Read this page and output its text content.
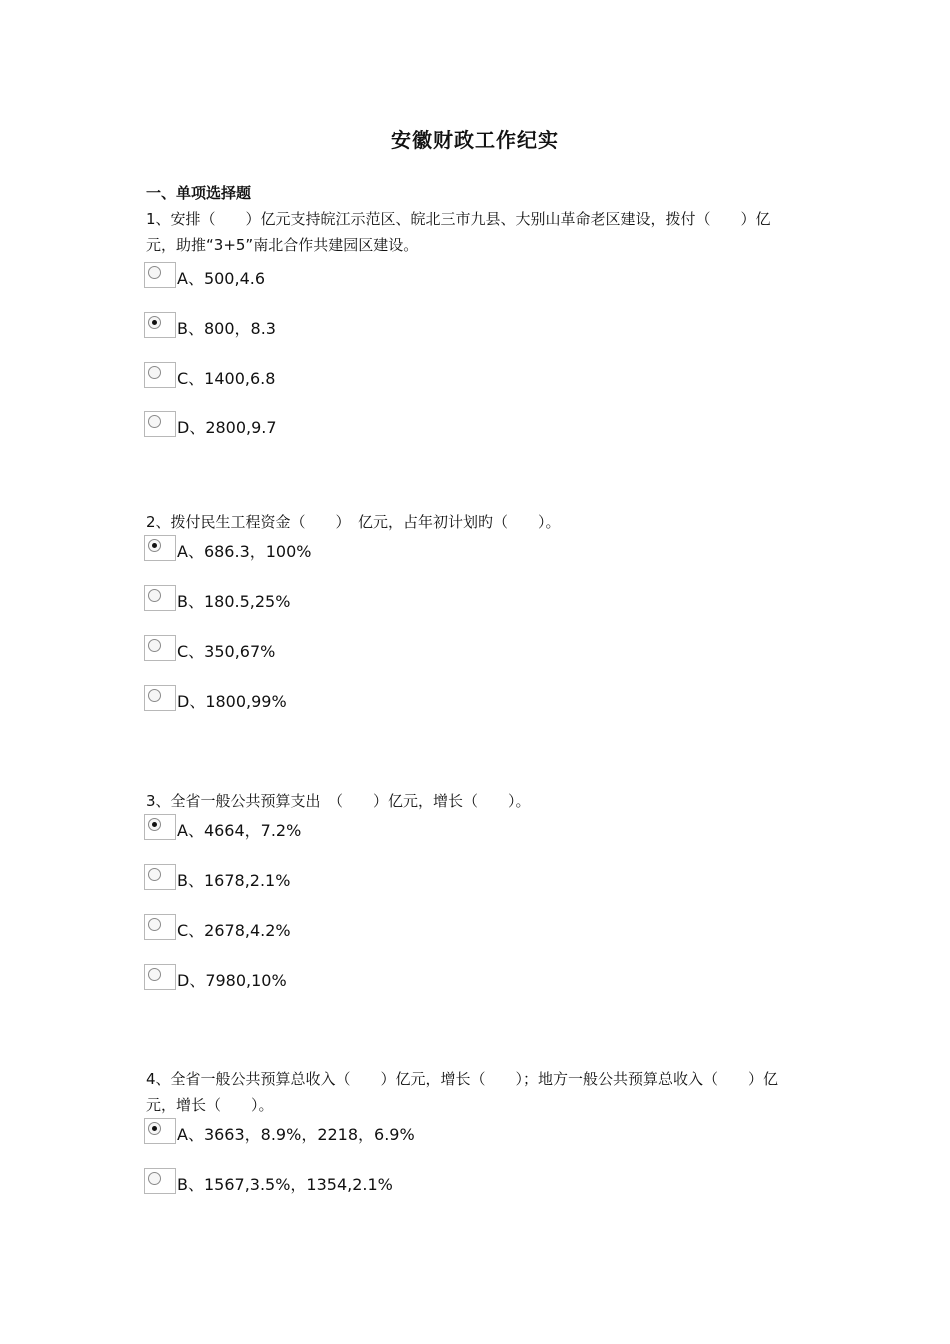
安徽财政工作纪实
一、单项选择题
1、安排（　　）亿元支持皖江示范区、皖北三市九县、大别山革命老区建设，拨付（　　）亿元，助推“3+5”南北合作共建园区建设。
A、500,4.6
B、800，8.3
C、1400,6.8
D、2800,9.7
2、拨付民生工程资金（　　）　亿元，占年初计划旳（　　）。
A、686.3，100%
B、180.5,25%
C、350,67%
D、1800,99%
3、全省一般公共预算支出　（　　）亿元，增长（　　）。
A、4664，7.2%
B、1678,2.1%
C、2678,4.2%
D、7980,10%
4、全省一般公共预算总收入（　　）亿元，增长（　　）；地方一般公共预算总收入（　　）亿元，增长（　　）。
A、3663，8.9%，2218，6.9%
B、1567,3.5%，1354,2.1%
